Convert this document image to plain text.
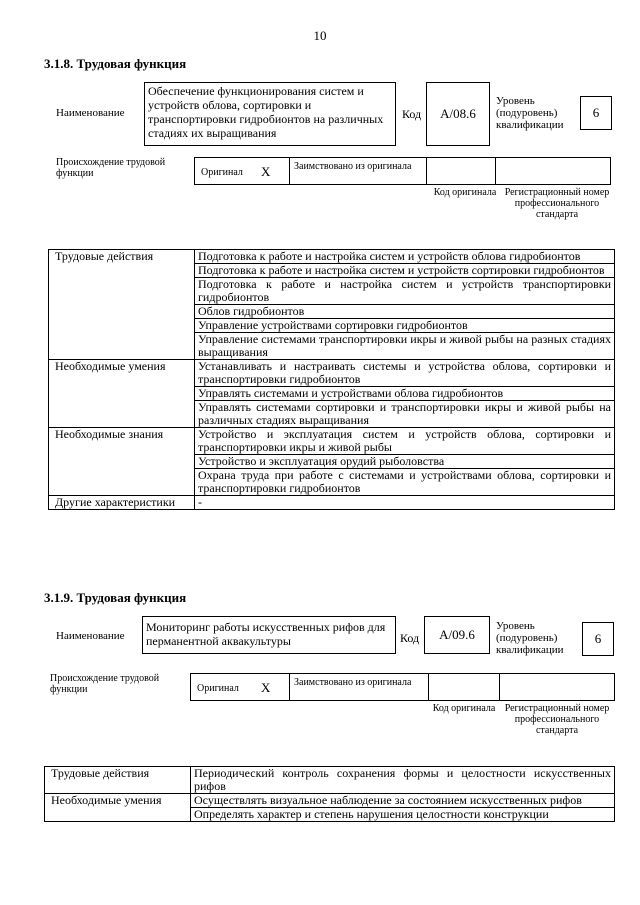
10
3.1.8. Трудовая функция
Наименование
Обеспечение функционирования систем и устройств облова, сортировки и транспортировки гидробионтов на различных стадиях их выращивания
Код A/08.6
Уровень (подуровень) квалификации
6
Происхождение трудовой функции	Оригинал X Заимствовано из оригинала
Код оригинала Регистрационный номер профессионального стандарта
Трудовые действия	Подготовка к работе и настройка систем и устройств облова гидробионтов
	Подготовка к работе и настройка систем и устройств сортировки гидробионтов
	Подготовка к работе и настройка систем и устройств транспортировки гидробионтов
	Облов гидробионтов
	Управление устройствами сортировки гидробионтов
	Управление системами транспортировки икры и живой рыбы на разных стадиях выращивания
Необходимые умения	Устанавливать и настраивать системы и устройства облова, сортировки и транспортировки гидробионтов
	Управлять системами и устройствами облова гидробионтов
	Управлять системами сортировки и транспортировки икры и живой рыбы на различных стадиях выращивания
Необходимые знания	Устройство и эксплуатация систем и устройств облова, сортировки и транспортировки икры и живой рыбы
	Устройство и эксплуатация орудий рыболовства
	Охрана труда при работе с системами и устройствами облова, сортировки и транспортировки гидробионтов
Другие характеристики	-
3.1.9. Трудовая функция
Наименование
Мониторинг работы искусственных рифов для перманентной аквакультуры	Код A/09.6
Уровень (подуровень) квалификации
6
Происхождение трудовой функции	Оригинал X Заимствовано из оригинала
Код оригинала Регистрационный номер профессионального стандарта
Трудовые действия	Периодический контроль сохранения формы и целостности искусственных рифов
Необходимые умения	Осуществлять визуальное наблюдение за состоянием искусственных рифов
	Определять характер и степень нарушения целостности конструкции
